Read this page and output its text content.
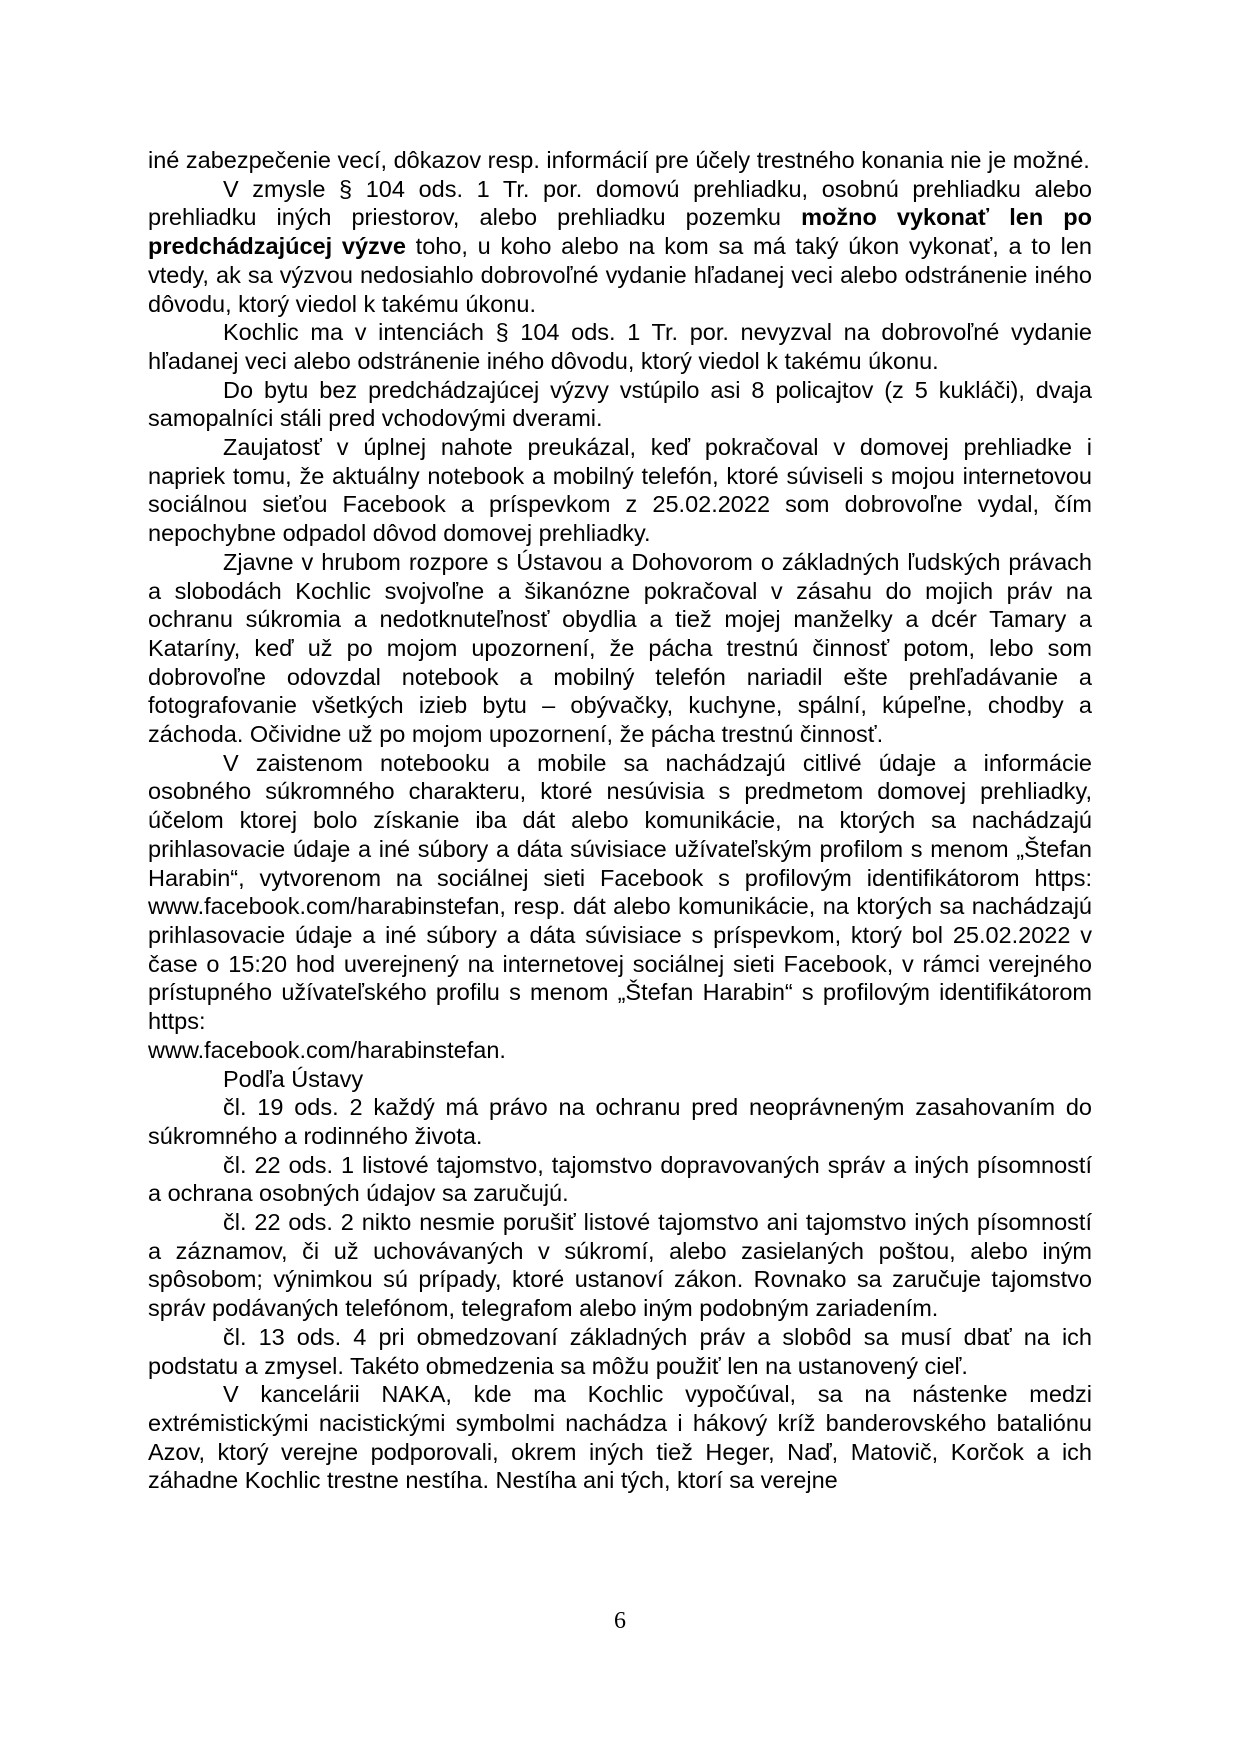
iné zabezpečenie vecí, dôkazov resp. informácií pre účely trestného konania nie je možné.

V zmysle § 104 ods. 1 Tr. por. domovú prehliadku, osobnú prehliadku alebo prehliadku iných priestorov, alebo prehliadku pozemku možno vykonať len po predchádzajúcej výzve toho, u koho alebo na kom sa má taký úkon vykonať, a to len vtedy, ak sa výzvou nedosiahlo dobrovoľné vydanie hľadanej veci alebo odstránenie iného dôvodu, ktorý viedol k takému úkonu.

Kochlic ma v intenciách § 104 ods. 1 Tr. por. nevyzval na dobrovoľné vydanie hľadanej veci alebo odstránenie iného dôvodu, ktorý viedol k takému úkonu.

Do bytu bez predchádzajúcej výzvy vstúpilo asi 8 policajtov (z 5 kukláči), dvaja samopalníci stáli pred vchodovými dverami.

Zaujatosť v úplnej nahote preukázal, keď pokračoval v domovej prehliadke i napriek tomu, že aktuálny notebook a mobilný telefón, ktoré súviseli s mojou internetovou sociálnou sieťou Facebook a príspevkom z 25.02.2022 som dobrovoľne vydal, čím nepochybne odpadol dôvod domovej prehliadky.

Zjavne v hrubom rozpore s Ústavou a Dohovorom o základných ľudských právach a slobodách Kochlic svojvoľne a šikanózne pokračoval v zásahu do mojich práv na ochranu súkromia a nedotknuteľnosť obydlia a tiež mojej manželky a dcér Tamary a Kataríny, keď už po mojom upozornení, že pácha trestnú činnosť potom, lebo som dobrovoľne odovzdal notebook a mobilný telefón nariadil ešte prehľadávanie a fotografovanie všetkých izieb bytu – obývačky, kuchyne, spální, kúpeľne, chodby a záchoda. Očividne už po mojom upozornení, že pácha trestnú činnosť.

V zaistenom notebooku a mobile sa nachádzajú citlivé údaje a informácie osobného súkromného charakteru, ktoré nesúvisia s predmetom domovej prehliadky, účelom ktorej bolo získanie iba dát alebo komunikácie, na ktorých sa nachádzajú prihlasovacie údaje a iné súbory a dáta súvisiace užívateľským profilom s menom „Štefan Harabin“, vytvorenom na sociálnej sieti Facebook s profilovým identifikátorom https: www.facebook.com/harabinstefan, resp. dát alebo komunikácie, na ktorých sa nachádzajú prihlasovacie údaje a iné súbory a dáta súvisiace s príspevkom, ktorý bol 25.02.2022 v čase o 15:20 hod uverejnený na internetovej sociálnej sieti Facebook, v rámci verejného prístupného užívateľského profilu s menom „Štefan Harabin“ s profilovým identifikátorom https:

www.facebook.com/harabinstefan.

Podľa Ústavy

čl. 19 ods. 2 každý má právo na ochranu pred neoprávneným zasahovaním do súkromného a rodinného života.

čl. 22 ods. 1 listové tajomstvo, tajomstvo dopravovaných správ a iných písomností a ochrana osobných údajov sa zaručujú.

čl. 22 ods. 2 nikto nesmie porušiť listové tajomstvo ani tajomstvo iných písomností a záznamov, či už uchovávaných v súkromí, alebo zasielaných poštou, alebo iným spôsobom; výnimkou sú prípady, ktoré ustanoví zákon. Rovnako sa zaručuje tajomstvo správ podávaných telefónom, telegrafom alebo iným podobným zariadením.

čl. 13 ods. 4 pri obmedzovaní základných práv a slobôd sa musí dbať na ich podstatu a zmysel. Takéto obmedzenia sa môžu použiť len na ustanovený cieľ.

V kancelárii NAKA, kde ma Kochlic vypočúval, sa na nástenke medzi extrémistickými nacistickými symbolmi nachádza i hákový kríž banderovského bataliónu Azov, ktorý verejne podporovali, okrem iných tiež Heger, Naď, Matovič, Korčok a ich záhadne Kochlic trestne nestíha. Nestíha ani tých, ktorí sa verejne

6
